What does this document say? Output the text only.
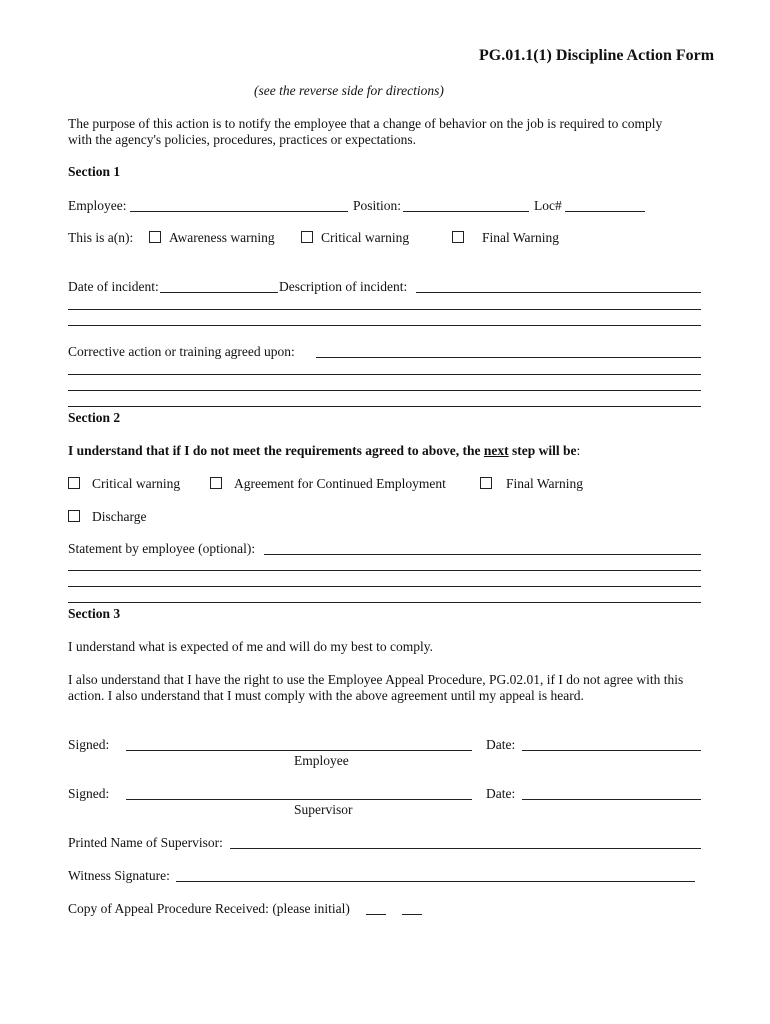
PG.01.1(1) Discipline Action Form
(see the reverse side for directions)
The purpose of this action is to notify the employee that a change of behavior on the job is required to comply
with the agency's policies, procedures, practices or expectations.
Section 1
Employee:	Position:	Loc#
This is a(n):	Awareness warning	Critical warning	Final Warning
Date of incident:	Description of incident:
Corrective action or training agreed upon:
Section 2
I understand that if I do not meet the requirements agreed to above, the next step will be:
Critical warning	Agreement for Continued Employment	Final Warning
Discharge
Statement by employee (optional):
Section 3
I understand what is expected of me and will do my best to comply.
I also understand that I have the right to use the Employee Appeal Procedure, PG.02.01, if I do not agree with this
action. I also understand that I must comply with the above agreement until my appeal is heard.
Signed:	Date:
Employee
Signed:	Date:
Supervisor
Printed Name of Supervisor:
Witness Signature:
Copy of Appeal Procedure Received: (please initial)
